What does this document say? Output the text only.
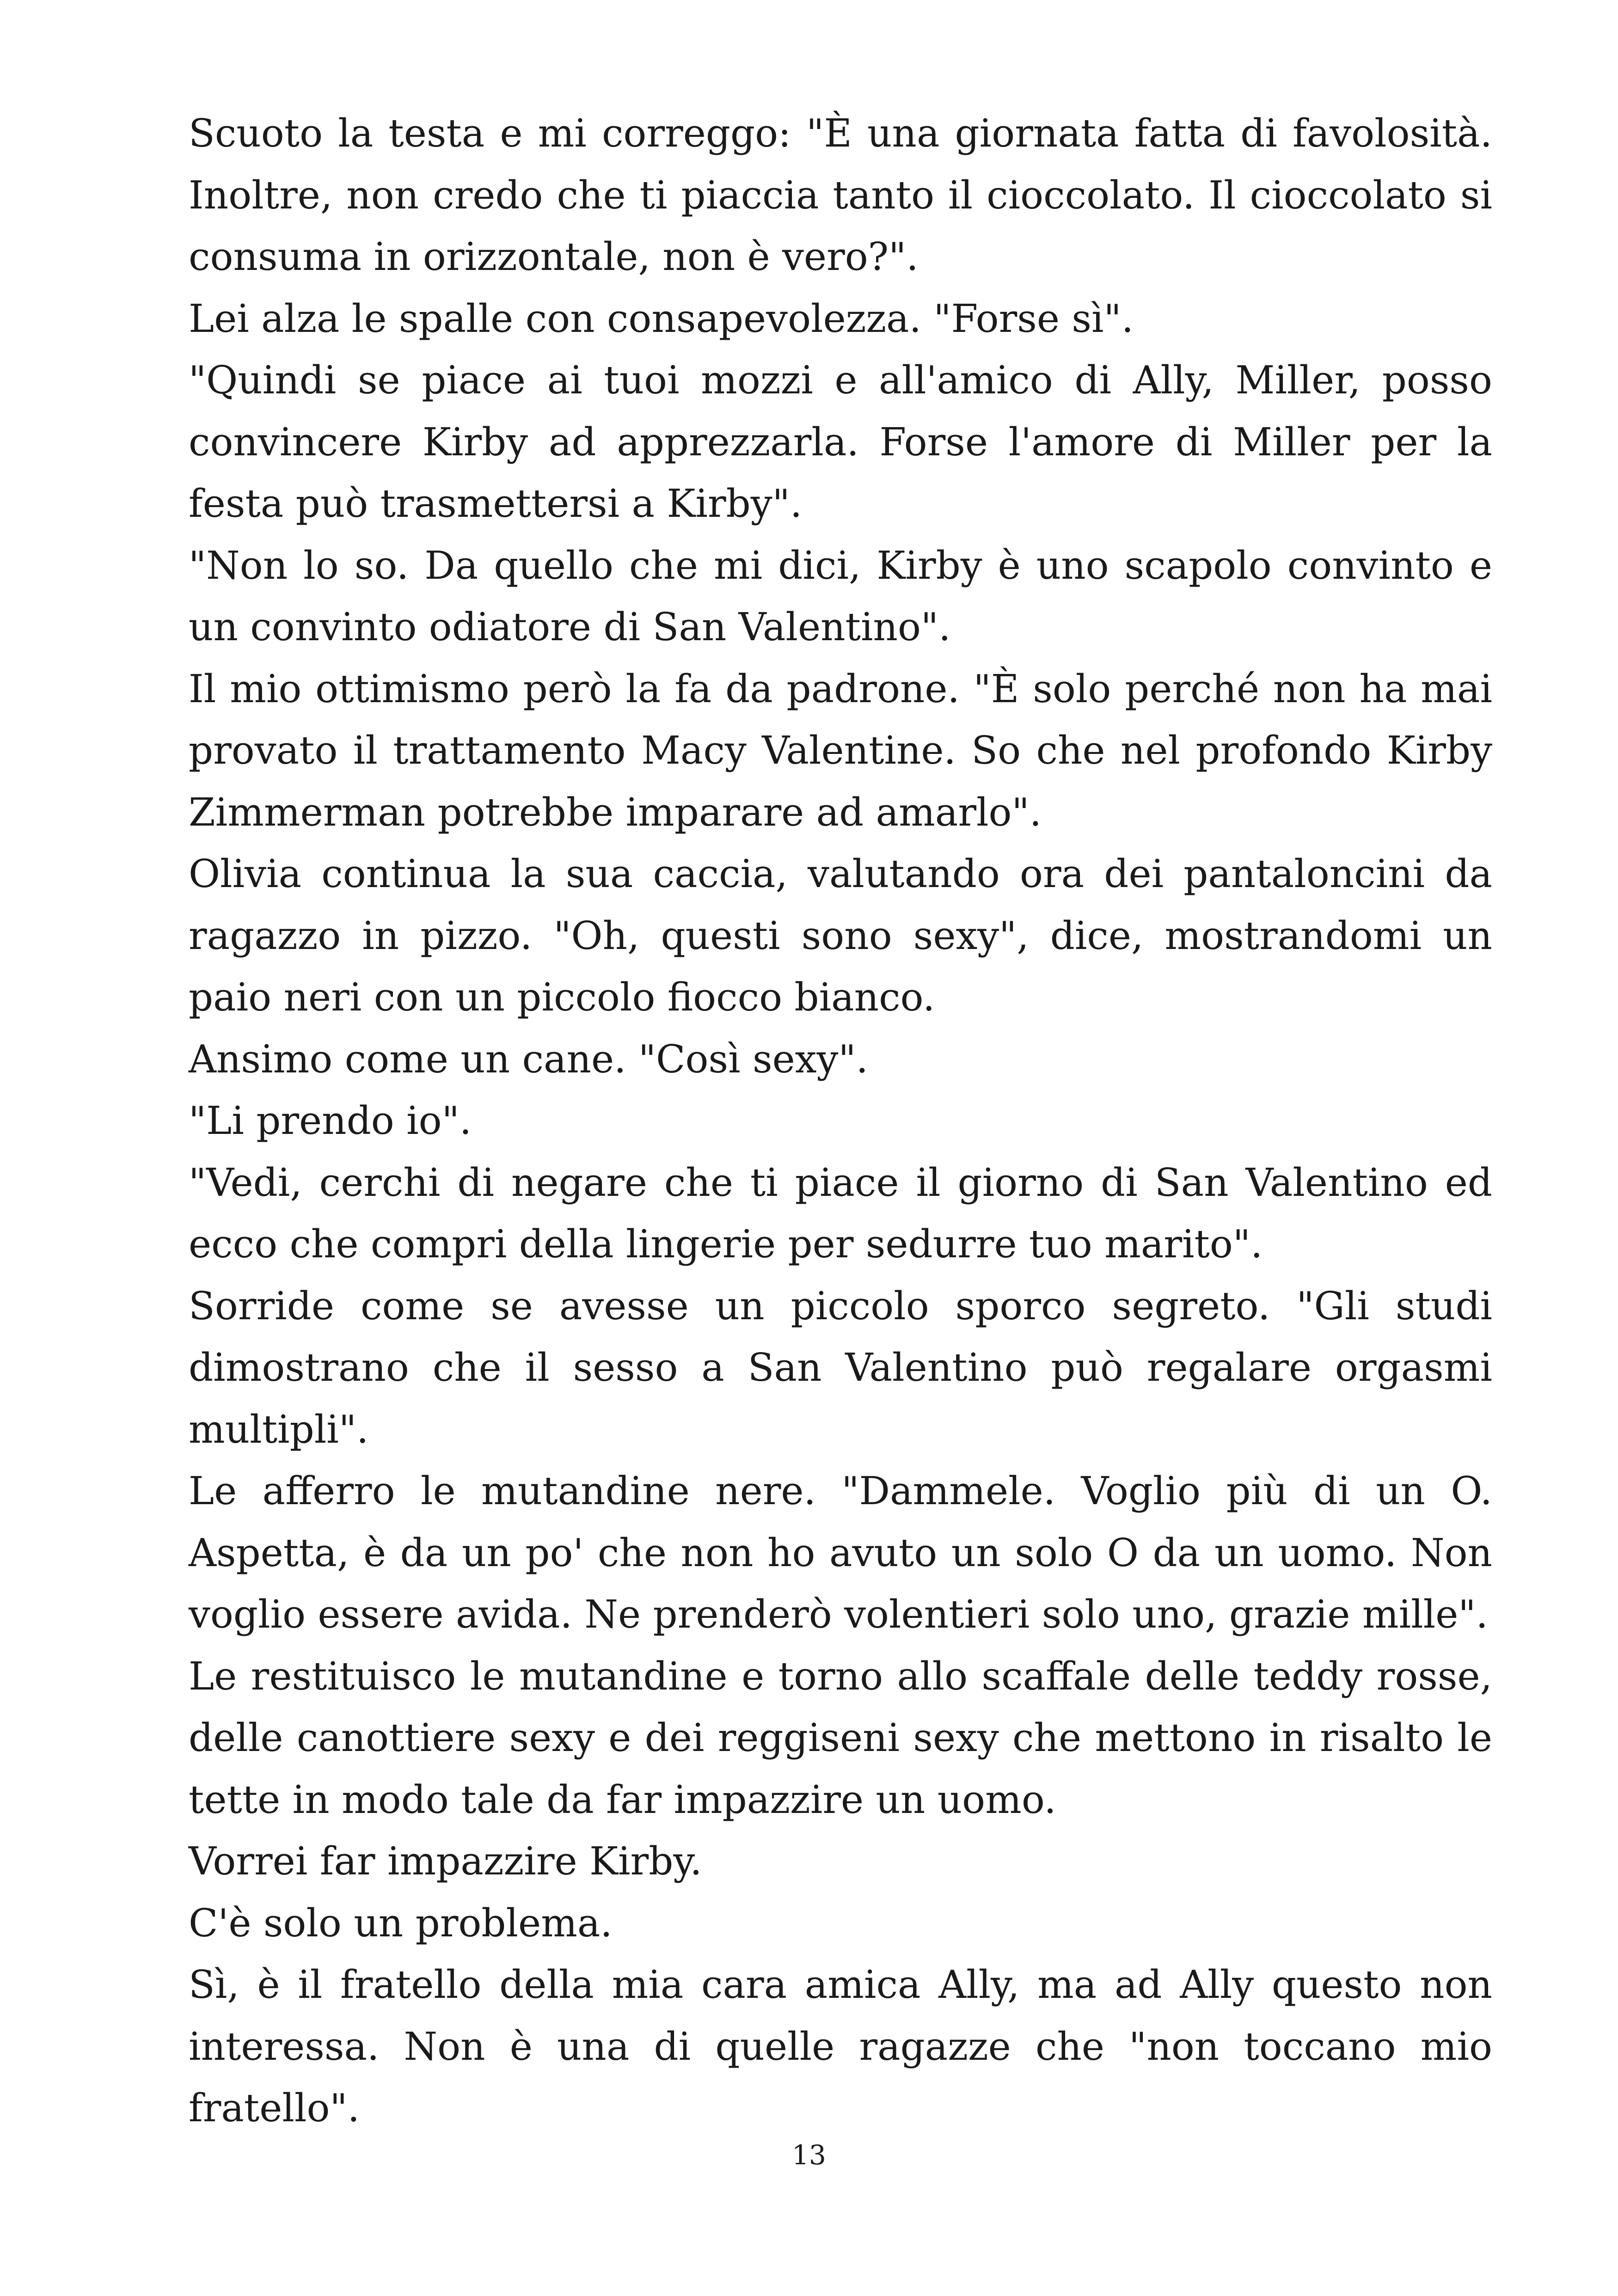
Scuoto la testa e mi correggo: "È una giornata fatta di favolosità. Inoltre, non credo che ti piaccia tanto il cioccolato. Il cioccolato si consuma in orizzontale, non è vero?".

Lei alza le spalle con consapevolezza. "Forse sì".

"Quindi se piace ai tuoi mozzi e all'amico di Ally, Miller, posso convincere Kirby ad apprezzarla. Forse l'amore di Miller per la festa può trasmettersi a Kirby".

"Non lo so. Da quello che mi dici, Kirby è uno scapolo convinto e un convinto odiatore di San Valentino".

Il mio ottimismo però la fa da padrone. "È solo perché non ha mai provato il trattamento Macy Valentine. So che nel profondo Kirby Zimmerman potrebbe imparare ad amarlo".

Olivia continua la sua caccia, valutando ora dei pantaloncini da ragazzo in pizzo. "Oh, questi sono sexy", dice, mostrandomi un paio neri con un piccolo fiocco bianco.

Ansimo come un cane. "Così sexy".

"Li prendo io".

"Vedi, cerchi di negare che ti piace il giorno di San Valentino ed ecco che compri della lingerie per sedurre tuo marito".

Sorride come se avesse un piccolo sporco segreto. "Gli studi dimostrano che il sesso a San Valentino può regalare orgasmi multipli".

Le afferro le mutandine nere. "Dammele. Voglio più di un O. Aspetta, è da un po' che non ho avuto un solo O da un uomo. Non voglio essere avida. Ne prenderò volentieri solo uno, grazie mille".

Le restituisco le mutandine e torno allo scaffale delle teddy rosse, delle canottiere sexy e dei reggiseni sexy che mettono in risalto le tette in modo tale da far impazzire un uomo.

Vorrei far impazzire Kirby.

C'è solo un problema.

Sì, è il fratello della mia cara amica Ally, ma ad Ally questo non interessa. Non è una di quelle ragazze che "non toccano mio fratello".

13
